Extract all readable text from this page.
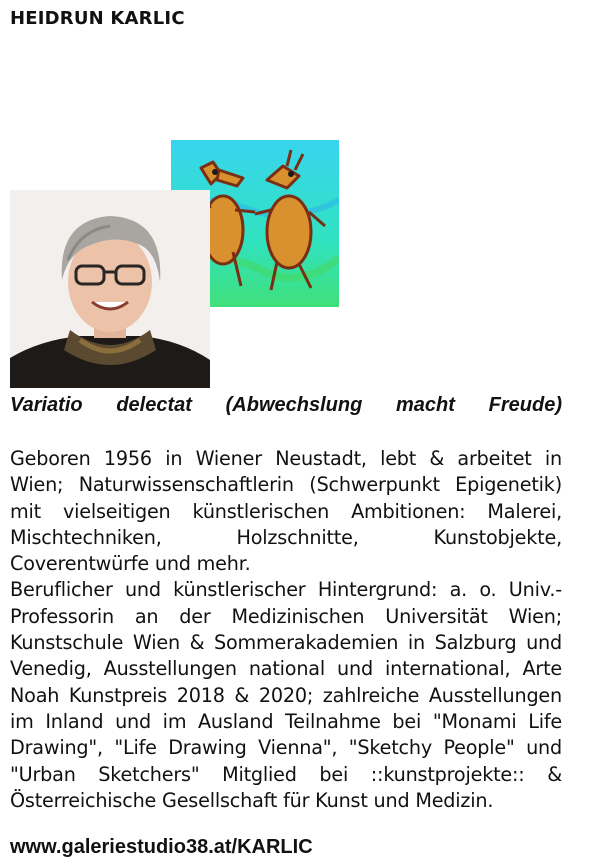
HEIDRUN KARLIC
Variatio delectat (Abwechslung macht Freude)

Geboren 1956 in Wiener Neustadt, lebt & arbeitet in Wien; Naturwissenschaftlerin (Schwerpunkt Epigenetik) mit vielseitigen künstlerischen Ambitionen: Malerei, Mischtechniken, Holzschnitte, Kunstobjekte, Coverentwürfe und mehr.

Beruflicher und künstlerischer Hintergrund: a. o. Univ.-Professorin an der Medizinischen Universität Wien; Kunstschule Wien & Sommerakademien in Salzburg und Venedig, Ausstellungen national und international, Arte Noah Kunstpreis 2018 & 2020; zahlreiche Ausstellungen im Inland und im Ausland Teilnahme bei "Monami Life Drawing", "Life Drawing Vienna", "Sketchy People" und "Urban Sketchers" Mitglied bei ::kunstprojekte:: & Österreichische Gesellschaft für Kunst und Medizin.

www.galeriestudio38.at/KARLIC
